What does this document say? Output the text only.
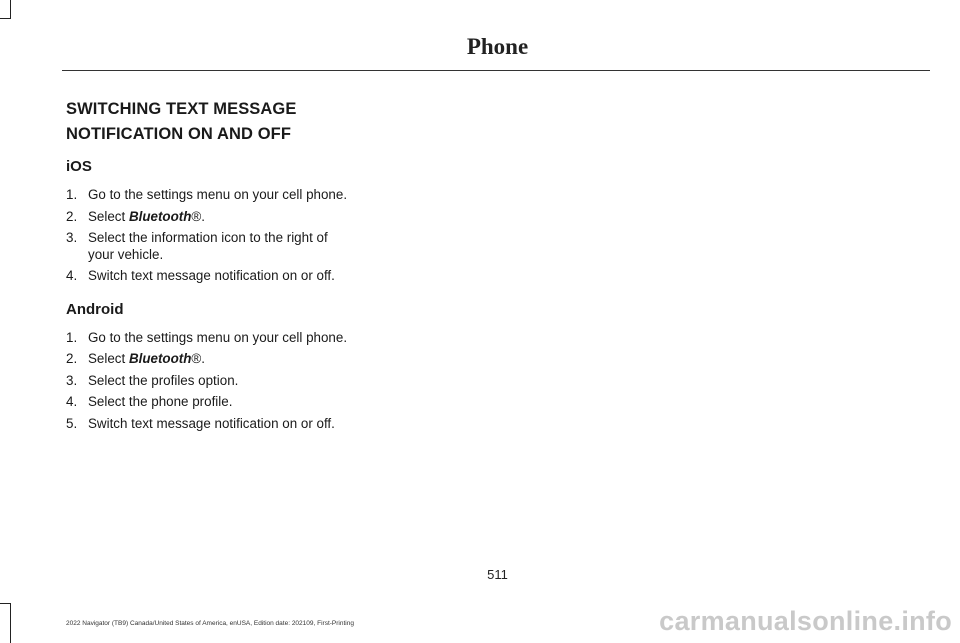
Phone
SWITCHING TEXT MESSAGE
NOTIFICATION ON AND OFF
iOS
1. Go to the settings menu on your cell phone.
2. Select Bluetooth®.
3. Select the information icon to the right of your vehicle.
4. Switch text message notification on or off.
Android
1. Go to the settings menu on your cell phone.
2. Select Bluetooth®.
3. Select the profiles option.
4. Select the phone profile.
5. Switch text message notification on or off.
511
2022 Navigator (TB9) Canada/United States of America, enUSA, Edition date: 202109, First-Printing	carmanualsonline.info
